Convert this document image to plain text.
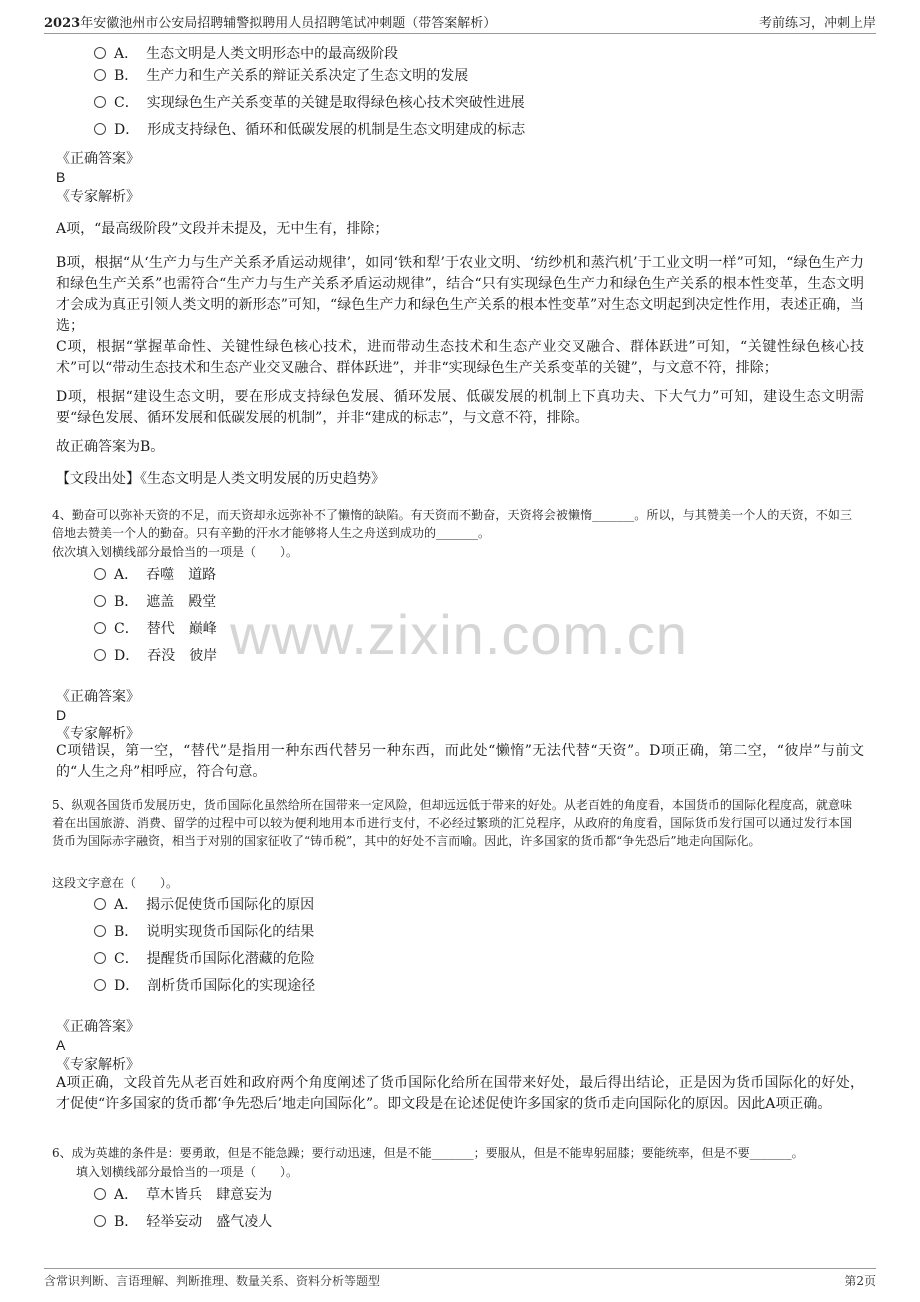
2023年安徽池州市公安局招聘辅警拟聘用人员招聘笔试冲刺题（带答案解析）	考前练习，冲刺上岸
A． 生态文明是人类文明形态中的最高级阶段
B． 生产力和生产关系的辩证关系决定了生态文明的发展
C． 实现绿色生产关系变革的关键是取得绿色核心技术突破性进展
D． 形成支持绿色、循环和低碳发展的机制是生态文明建成的标志
《正确答案》
B
《专家解析》
A项，“最高级阶段”文段并未提及，无中生有，排除；
B项，根据“从‘生产力与生产关系矛盾运动规律’，如同‘铁和犁’于农业文明、‘纺纱机和蒸汽机’于工业文明一样”可知，“绿色生产力和绿色生产关系”也需符合“生产力与生产关系矛盾运动规律”，结合“只有实现绿色生产力和绿色生产关系的根本性变革，生态文明才会成为真正引领人类文明的新形态”可知，“绿色生产力和绿色生产关系的根本性变革”对生态文明起到决定性作用，表述正确，当选；
C项，根据“掌握革命性、关键性绿色核心技术，进而带动生态技术和生态产业交叉融合、群体跃进”可知，“关键性绿色核心技术”可以“带动生态技术和生态产业交叉融合、群体跃进”，并非“实现绿色生产关系变革的关键”，与文意不符，排除；
D项，根据“建设生态文明，要在形成支持绿色发展、循环发展、低碳发展的机制上下真功夫、下大气力”可知，建设生态文明需要“绿色发展、循环发展和低碳发展的机制”，并非“建成的标志”，与文意不符，排除。
故正确答案为B。
【文段出处】《生态文明是人类文明发展的历史趋势》
4、勤奋可以弥补天资的不足，而天资却永远弥补不了懒惰的缺陷。有天资而不勤奋，天资将会被懒惰_______。所以，与其赞美一个人的天资，不如三倍地去赞美一个人的勤奋。只有辛勤的汗水才能够将人生之舟送到成功的_______。
依次填入划横线部分最恰当的一项是（　　）。
A． 吞噬 道路
B． 遮盖 殿堂
C． 替代 巅峰
D． 吞没 彼岸 www.zixin.com.cn
《正确答案》
D
《专家解析》
C项错误，第一空，“替代”是指用一种东西代替另一种东西，而此处“懒惰”无法代替“天资”。D项正确，第二空，“彼岸”与前文的“人生之舟”相呼应，符合句意。
5、纵观各国货币发展历史，货币国际化虽然给所在国带来一定风险，但却远远低于带来的好处。从老百姓的角度看，本国货币的国际化程度高，就意味着在出国旅游、消费、留学的过程中可以较为便利地用本币进行支付，不必经过繁琐的汇兑程序，从政府的角度看，国际货币发行国可以通过发行本国货币为国际赤字融资，相当于对别的国家征收了“铸币税”，其中的好处不言而喻。因此，许多国家的货币都“争先恐后”地走向国际化。
这段文字意在（　　）。
A． 揭示促使货币国际化的原因
B． 说明实现货币国际化的结果
C． 提醒货币国际化潜藏的危险
D． 剖析货币国际化的实现途径
《正确答案》
A
《专家解析》
A项正确，文段首先从老百姓和政府两个角度阐述了货币国际化给所在国带来好处，最后得出结论，正是因为货币国际化的好处，才促使“许多国家的货币都‘争先恐后’地走向国际化”。即文段是在论述促使许多国家的货币走向国际化的原因。因此A项正确。
6、成为英雄的条件是：要勇敢，但是不能急躁；要行动迅速，但是不能_______；要服从，但是不能卑躬屈膝；要能统率，但是不要_______。
填入划横线部分最恰当的一项是（　　）。
A． 草木皆兵 肆意妄为
B． 轻举妄动 盛气凌人
含常识判断、言语理解、判断推理、数量关系、资料分析等题型	第2页
